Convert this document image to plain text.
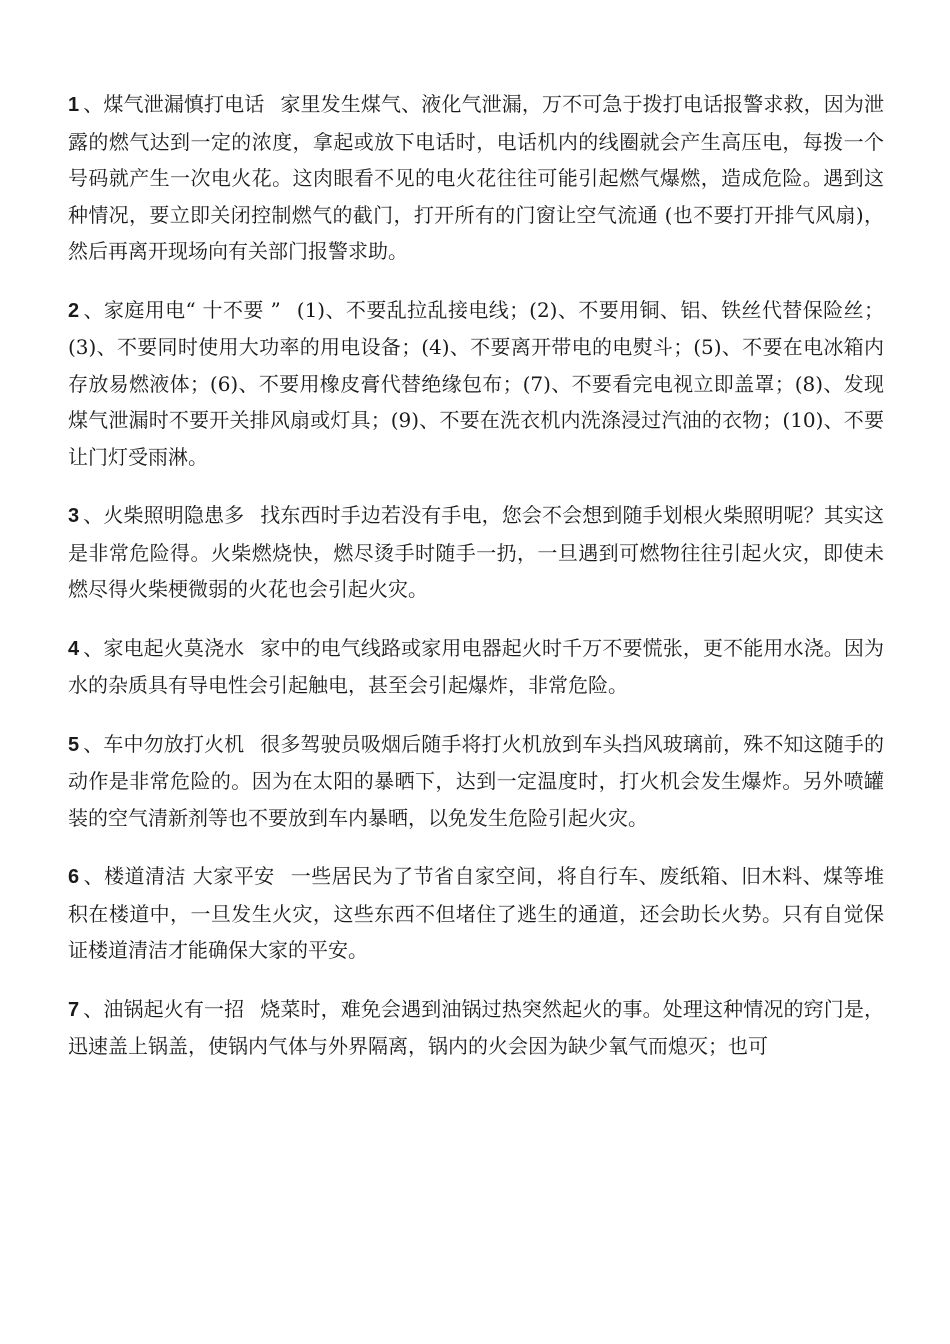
1 、煤气泄漏慎打电话 家里发生煤气、液化气泄漏，万不可急于拨打电话报警求救，因为泄露的燃气达到一定的浓度，拿起或放下电话时，电话机内的线圈就会产生高压电，每拨一个号码就产生一次电火花。这肉眼看不见的电火花往往可能引起燃气爆燃，造成危险。遇到这种情况，要立即关闭控制燃气的截门，打开所有的门窗让空气流通 (也不要打开排气风扇)，然后再离开现场向有关部门报警求助。

2 、家庭用电“ 十不要 ” (1)、不要乱拉乱接电线；(2)、不要用铜、铝、铁丝代替保险丝；(3)、不要同时使用大功率的用电设备；(4)、不要离开带电的电熨斗；(5)、不要在电冰箱内存放易燃液体；(6)、不要用橡皮膏代替绝缘包布；(7)、不要看完电视立即盖罩；(8)、发现煤气泄漏时不要开关排风扇或灯具；(9)、不要在洗衣机内洗涤浸过汽油的衣物；(10)、不要让门灯受雨淋。

3 、火柴照明隐患多 找东西时手边若没有手电，您会不会想到随手划根火柴照明呢？其实这是非常危险得。火柴燃烧快，燃尽烫手时随手一扔，一旦遇到可燃物往往引起火灾，即使未燃尽得火柴梗微弱的火花也会引起火灾。

4 、家电起火莫浇水 家中的电气线路或家用电器起火时千万不要慌张，更不能用水浇。因为水的杂质具有导电性会引起触电，甚至会引起爆炸，非常危险。

5 、车中勿放打火机 很多驾驶员吸烟后随手将打火机放到车头挡风玻璃前，殊不知这随手的动作是非常危险的。因为在太阳的暴晒下，达到一定温度时，打火机会发生爆炸。另外喷罐装的空气清新剂等也不要放到车内暴晒，以免发生危险引起火灾。

6 、楼道清洁 大家平安 一些居民为了节省自家空间，将自行车、废纸箱、旧木料、煤等堆积在楼道中，一旦发生火灾，这些东西不但堵住了逃生的通道，还会助长火势。只有自觉保证楼道清洁才能确保大家的平安。

7 、油锅起火有一招 烧菜时，难免会遇到油锅过热突然起火的事。处理这种情况的窍门是，迅速盖上锅盖，使锅内气体与外界隔离，锅内的火会因为缺少氧气而熄灭；也可
